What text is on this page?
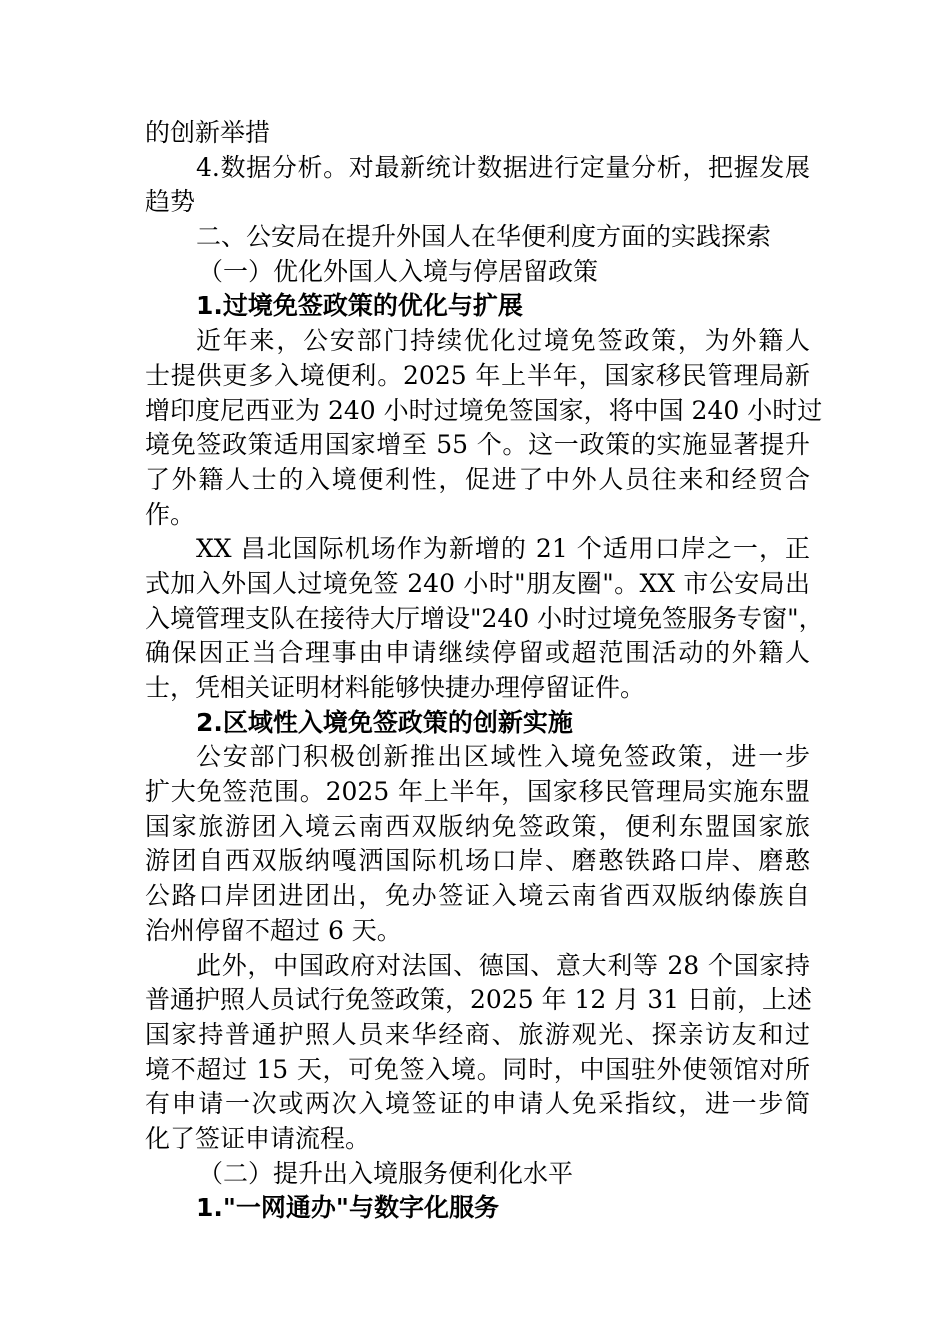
的创新举措
4.数据分析。对最新统计数据进行定量分析，把握发展
趋势
二、公安局在提升外国人在华便利度方面的实践探索
（一）优化外国人入境与停居留政策
1.过境免签政策的优化与扩展
近年来，公安部门持续优化过境免签政策，为外籍人
士提供更多入境便利。2025 年上半年，国家移民管理局新
增印度尼西亚为 240 小时过境免签国家，将中国 240 小时过
境免签政策适用国家增至 55 个。这一政策的实施显著提升
了外籍人士的入境便利性，促进了中外人员往来和经贸合
作。
XX 昌北国际机场作为新增的 21 个适用口岸之一，正
式加入外国人过境免签 240 小时"朋友圈"。XX 市公安局出
入境管理支队在接待大厅增设"240 小时过境免签服务专窗"，
确保因正当合理事由申请继续停留或超范围活动的外籍人
士，凭相关证明材料能够快捷办理停留证件。
2.区域性入境免签政策的创新实施
公安部门积极创新推出区域性入境免签政策，进一步
扩大免签范围。2025 年上半年，国家移民管理局实施东盟
国家旅游团入境云南西双版纳免签政策，便利东盟国家旅
游团自西双版纳嘎洒国际机场口岸、磨憨铁路口岸、磨憨
公路口岸团进团出，免办签证入境云南省西双版纳傣族自
治州停留不超过 6 天。
此外，中国政府对法国、德国、意大利等 28 个国家持
普通护照人员试行免签政策，2025 年 12 月 31 日前，上述
国家持普通护照人员来华经商、旅游观光、探亲访友和过
境不超过 15 天，可免签入境。同时，中国驻外使领馆对所
有申请一次或两次入境签证的申请人免采指纹，进一步简
化了签证申请流程。
（二）提升出入境服务便利化水平
1."一网通办"与数字化服务
